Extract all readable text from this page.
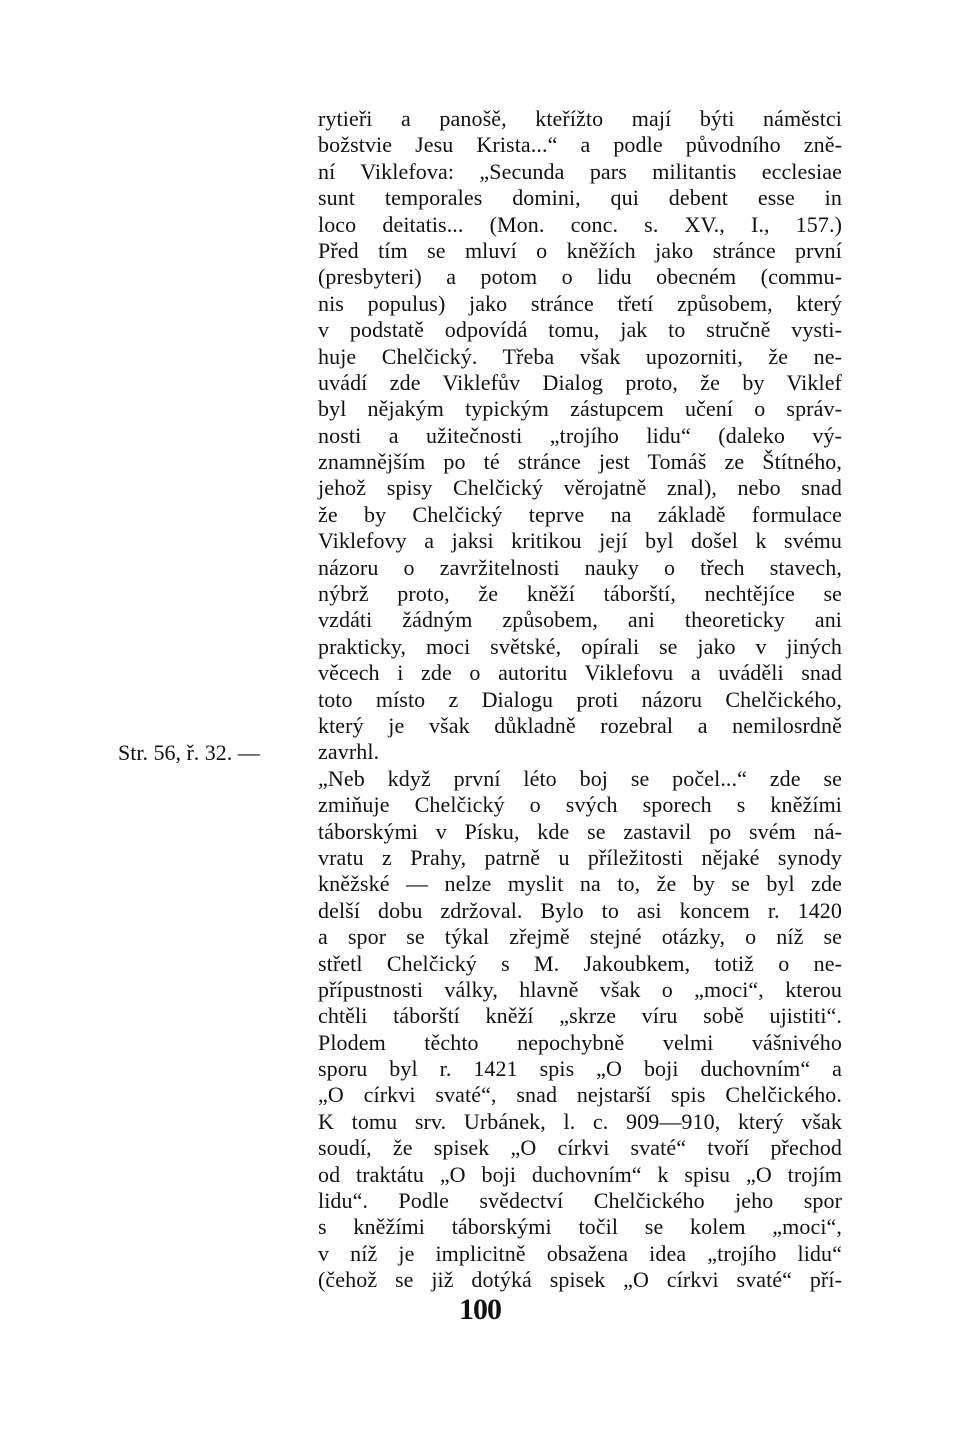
rytieři a panošě, kteřížto mají býti náměstci
božstvie Jesu Krista...“ a podle původního zně-
ní Viklefova: „Secunda pars militantis ecclesiae
sunt temporales domini, qui debent esse in
loco deitatis... (Mon. conc. s. XV., I., 157.)
Před tím se mluví o kněžích jako stránce první
(presbyteri) a potom o lidu obecném (commu-
nis populus) jako stránce třetí způsobem, který
v podstatě odpovídá tomu, jak to stručně vysti-
huje Chelčický. Třeba však upozorniti, že ne-
uvádí zde Viklefův Dialog proto, že by Viklef
byl nějakým typickým zástupcem učení o správ-
nosti a užitečnosti „trojího lidu“ (daleko vý-
znamnějším po té stránce jest Tomáš ze Štítného,
jehož spisy Chelčický věrojatně znal), nebo snad
že by Chelčický teprve na základě formulace
Viklefovy a jaksi kritikou její byl došel k svému
názoru o zavržitelnosti nauky o třech stavech,
nýbrž proto, že kněží táborští, nechtějíce se
vzdáti žádným způsobem, ani theoreticky ani
prakticky, moci světské, opírali se jako v jiných
věcech i zde o autoritu Viklefovu a uváděli snad
toto místo z Dialogu proti názoru Chelčického,
který je však důkladně rozebral a nemilosrdně
zavrhl.
„Neb když první léto boj se počel...“ zde se
zmiňuje Chelčický o svých sporech s kněžími
táborskými v Písku, kde se zastavil po svém ná-
vratu z Prahy, patrně u příležitosti nějaké synody
kněžské — nelze myslit na to, že by se byl zde
delší dobu zdržoval. Bylo to asi koncem r. 1420
a spor se týkal zřejmě stejné otázky, o níž se
střetl Chelčický s M. Jakoubkem, totiž o ne-
přípustnosti války, hlavně však o „moci“, kterou
chtěli táborští kněží „skrze víru sobě ujistiti“.
Plodem těchto nepochybně velmi vášnivého
sporu byl r. 1421 spis „O boji duchovním“ a
„O církvi svaté“, snad nejstarší spis Chelčického.
K tomu srv. Urbánek, l. c. 909—910, který však
soudí, že spisek „O církvi svaté“ tvoří přechod
od traktátu „O boji duchovním“ k spisu „O trojím
lidu“. Podle svědectví Chelčického jeho spor
s kněžími táborskými točil se kolem „moci“,
v níž je implicitně obsažena idea „trojího lidu“
(čehož se již dotýká spisek „O církvi svaté“ pří-
Str. 56, ř. 32. —
100
